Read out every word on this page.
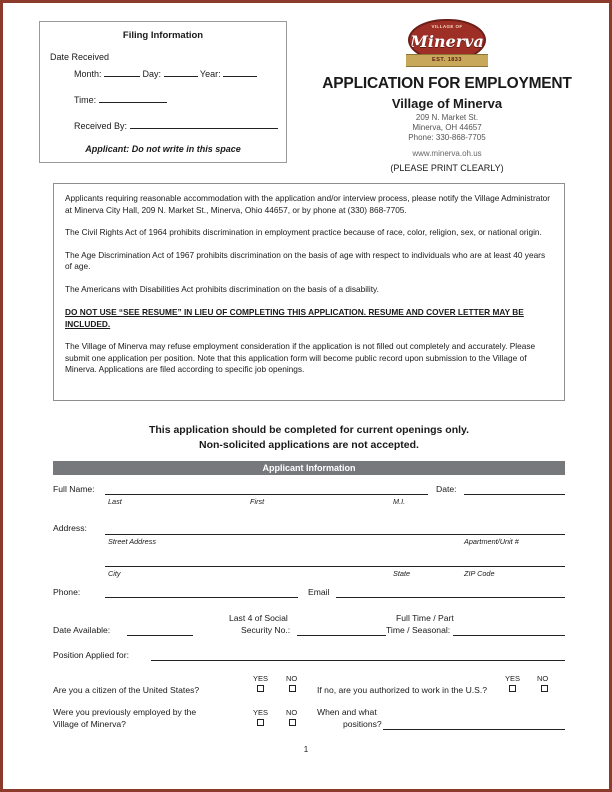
Filing Information
Date Received
Month:	Day:	Year:
Time:
Received By:
Applicant: Do not write in this space
VILLAGE OF
Minerva
EST. 1833
APPLICATION FOR EMPLOYMENT
Village of Minerva
209 N. Market St.
Minerva, OH 44657
Phone: 330-868-7705
www.minerva.oh.us
(PLEASE PRINT CLEARLY)

Applicants requiring reasonable accommodation with the application and/or interview process, please notify the Village Administrator at Minerva City Hall, 209 N. Market St., Minerva, Ohio 44657, or by phone at (330) 868-7705.

The Civil Rights Act of 1964 prohibits discrimination in employment practice because of race, color, religion, sex, or national origin.

The Age Discrimination Act of 1967 prohibits discrimination on the basis of age with respect to individuals who are at least 40 years of age.

The Americans with Disabilities Act prohibits discrimination on the basis of a disability.

DO NOT USE “SEE RESUME” IN LIEU OF COMPLETING THIS APPLICATION. RESUME AND COVER LETTER MAY BE INCLUDED.

The Village of Minerva may refuse employment consideration if the application is not filled out completely and accurately. Please submit one application per position. Note that this application form will become public record upon submission to the Village of Minerva. Applications are filed according to specific job openings.

This application should be completed for current openings only.
Non-solicited applications are not accepted.
Applicant Information
Full Name:
Last	First	M.I.
Date:
Address:
Street Address	Apartment/Unit #
City	State	ZIP Code
Phone:	Email
Date Available:
Last 4 of Social
Security No.:
Full Time / Part
Time / Seasonal:
Position Applied for:
Are you a citizen of the United States?
YES NO
If no, are you authorized to work in the U.S.?
YES NO
Were you previously employed by the
Village of Minerva?
YES NO When and what
positions?
1
